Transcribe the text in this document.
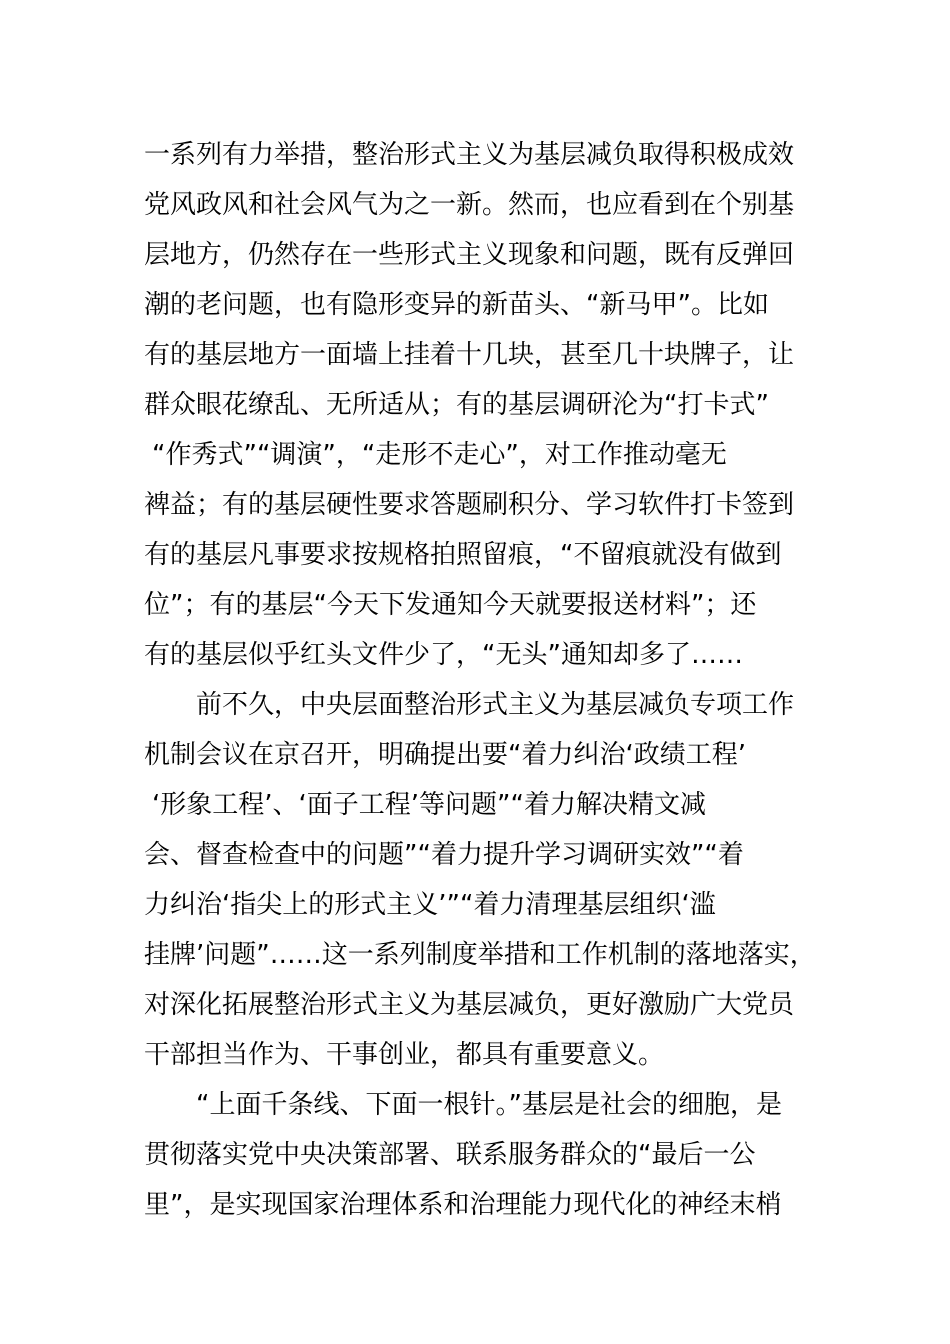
一系列有力举措，整治形式主义为基层减负取得积极成效
党风政风和社会风气为之一新。然而，也应看到在个别基
层地方，仍然存在一些形式主义现象和问题，既有反弹回
潮的老问题，也有隐形变异的新苗头、“新马甲”。比如
有的基层地方一面墙上挂着十几块，甚至几十块牌子，让
群众眼花缭乱、无所适从；有的基层调研沦为“打卡式”
“作秀式”“调演”，“走形不走心”，对工作推动毫无
裨益；有的基层硬性要求答题刷积分、学习软件打卡签到
有的基层凡事要求按规格拍照留痕，“不留痕就没有做到
位”；有的基层“今天下发通知今天就要报送材料”；还
有的基层似乎红头文件少了，“无头”通知却多了……
前不久，中央层面整治形式主义为基层减负专项工作
机制会议在京召开，明确提出要“着力纠治‘政绩工程’
‘形象工程’、‘面子工程’等问题”“着力解决精文减
会、督查检查中的问题”“着力提升学习调研实效”“着
力纠治‘指尖上的形式主义’”“着力清理基层组织‘滥
挂牌’问题”……这一系列制度举措和工作机制的落地落实，
对深化拓展整治形式主义为基层减负，更好激励广大党员
干部担当作为、干事创业，都具有重要意义。
“上面千条线、下面一根针。”基层是社会的细胞，是
贯彻落实党中央决策部署、联系服务群众的“最后一公
里”，是实现国家治理体系和治理能力现代化的神经末梢
